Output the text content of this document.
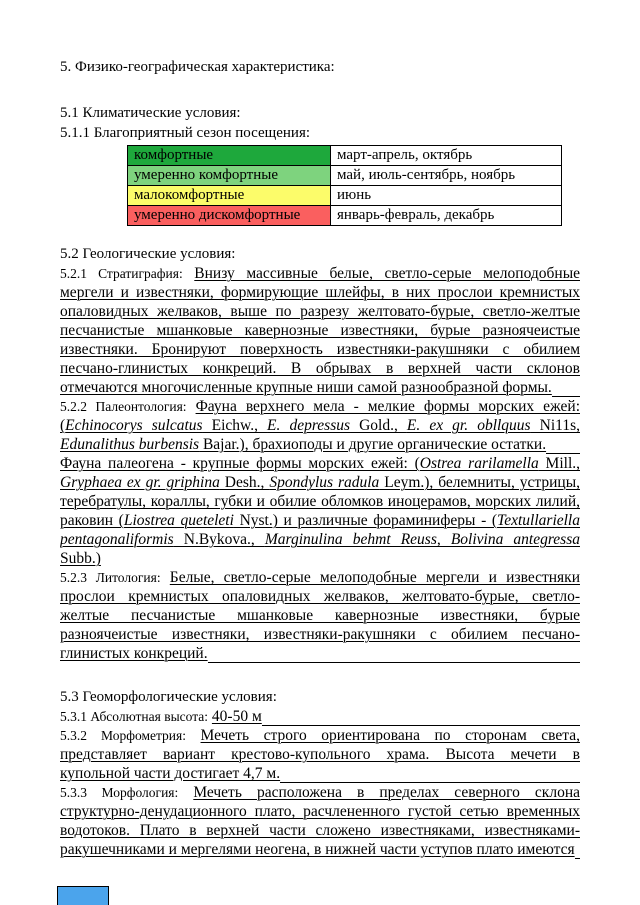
5. Физико-географическая характеристика:

5.1 Климатические условия:

5.1.1 Благоприятный сезон посещения:

комфортные	март-апрель, октябрь
умеренно комфортные	май, июль-сентябрь, ноябрь
малокомфортные	июнь
умеренно дискомфортные	январь-февраль, декабрь

5.2 Геологические условия:

5.2.1 Стратиграфия: Внизу массивные белые, светло-серые мелоподобные мергели и известняки, формирующие шлейфы, в них прослои кремнистых опаловидных желваков, выше по разрезу желтовато-бурые, светло-желтые песчанистые мшанковые кавернозные известняки, бурые разноячеистые известняки. Бронируют поверхность известняки-ракушняки с обилием песчано-глинистых конкреций. В обрывах в верхней части склонов отмечаются многочисленные крупные ниши самой разнообразной формы.

5.2.2 Палеонтология: Фауна верхнего мела - мелкие формы морских ежей: (Echinocorys sulcatus Eichw., E. depressus Gold., E. ex gr. obllquus Ni11s, Edunalithus burbensis Bajar.), брахиоподы и другие органические остатки.

Фауна палеогена - крупные формы морских ежей: (Ostrea rarilamella Mill., Gryphaea ex gr. griphina Desh., Spondylus radula Leym.), белемниты, устрицы, теребратулы, кораллы, губки и обилие обломков иноцерамов, морских лилий, раковин (Liostrea queteleti Nyst.) и различные фораминиферы - (Textullariella pentagonaliformis N.Bykova., Marginulina behmt Reuss, Bolivina antegressa Subb.)

5.2.3 Литология: Белые, светло-серые мелоподобные мергели и известняки прослои кремнистых опаловидных желваков, желтовато-бурые, светло-желтые песчанистые мшанковые кавернозные известняки, бурые разноячеистые известняки, известняки-ракушняки с обилием песчано-глинистых конкреций.

5.3 Геоморфологические условия:

5.3.1 Абсолютная высота: 40-50 м

5.3.2 Морфометрия: Мечеть строго ориентирована по сторонам света, представляет вариант крестово-купольного храма. Высота мечети в купольной части достигает 4,7 м.

5.3.3 Морфология: Мечеть расположена в пределах северного склона структурно-денудационного плато, расчлененного густой сетью временных водотоков. Плато в верхней части сложено известняками, известняками-ракушечниками и мергелями неогена, в нижней части уступов плато имеются
